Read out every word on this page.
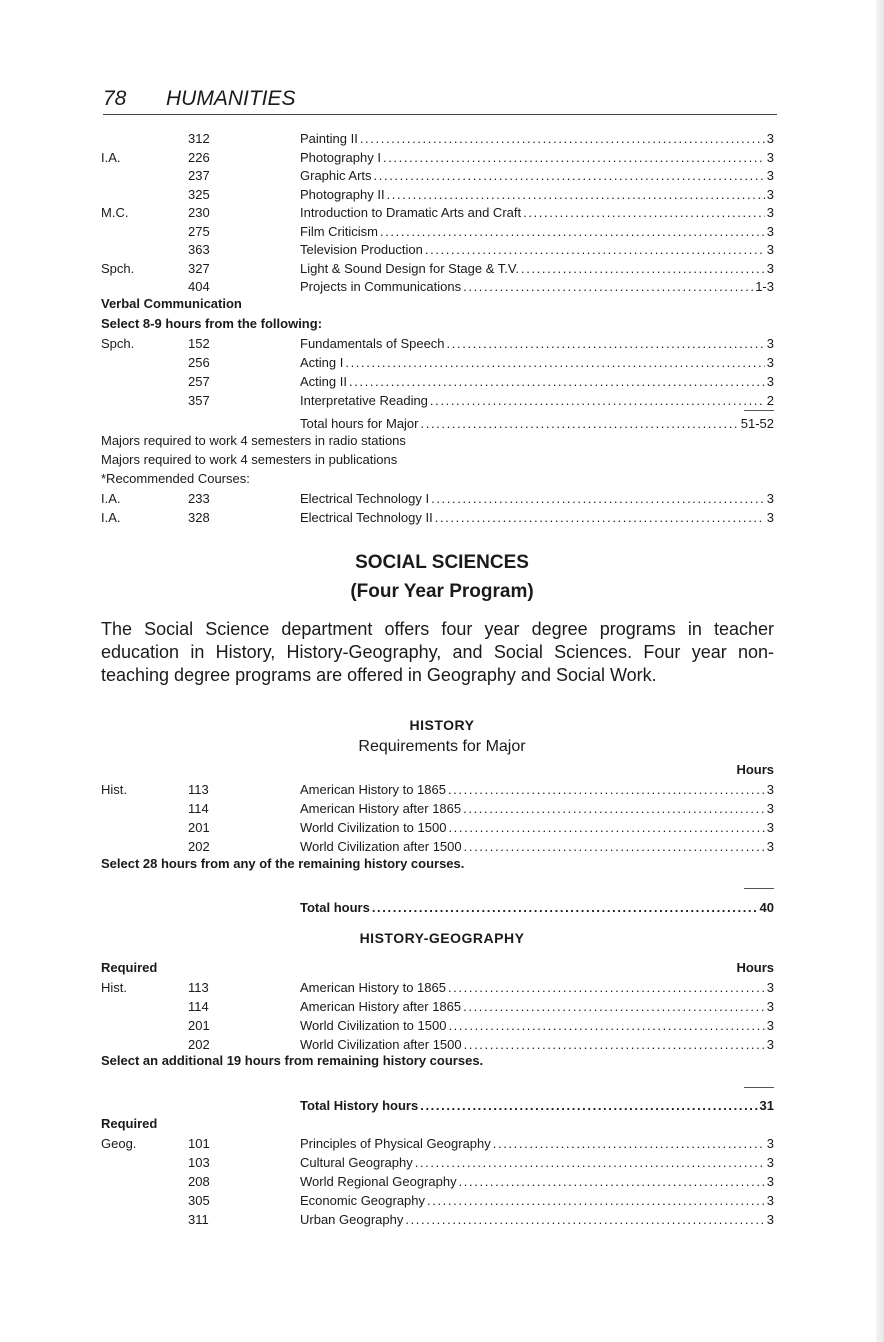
78 HUMANITIES
312	Painting II . . .	3
I.A.	226	Photography I . . .	3
237	Graphic Arts . . .	3
325	Photography II . . .	3
M.C.	230	Introduction to Dramatic Arts and Craft . . .	3
275	Film Criticism . . .	3
363	Television Production . . .	3
Spch.	327	Light & Sound Design for Stage & T.V. . . .	3
404	Projects in Communications . . .	1-3
Verbal Communication
Select 8-9 hours from the following:
Spch.	152	Fundamentals of Speech . . .	3
256	Acting I . . .	3
257	Acting II . . .	3
357	Interpretative Reading . . .	2
Total hours for Major . . .	51-52
Majors required to work 4 semesters in radio stations
Majors required to work 4 semesters in publications
*Recommended Courses:
I.A.	233	Electrical Technology I . . .	3
I.A.	328	Electrical Technology II . . .	3
SOCIAL SCIENCES
(Four Year Program)
The Social Science department offers four year degree programs in teacher education in History, History-Geography, and Social Sciences. Four year non-teaching degree programs are offered in Geography and Social Work.
HISTORY
Requirements for Major
Hours
Hist.	113	American History to 1865 . . .	3
114	American History after 1865 . . .	3
201	World Civilization to 1500 . . .	3
202	World Civilization after 1500 . . .	3
Select 28 hours from any of the remaining history courses.
Total hours . . .	40
HISTORY-GEOGRAPHY
Required	Hours
Hist.	113	American History to 1865 . . .	3
114	American History after 1865 . . .	3
201	World Civilization to 1500 . . .	3
202	World Civilization after 1500 . . .	3
Select an additional 19 hours from remaining history courses.
Total History hours . . .	31
Required
Geog.	101	Principles of Physical Geography . . .	3
103	Cultural Geography . . .	3
208	World Regional Geography . . .	3
305	Economic Geography . . .	3
311	Urban Geography . . .	3
